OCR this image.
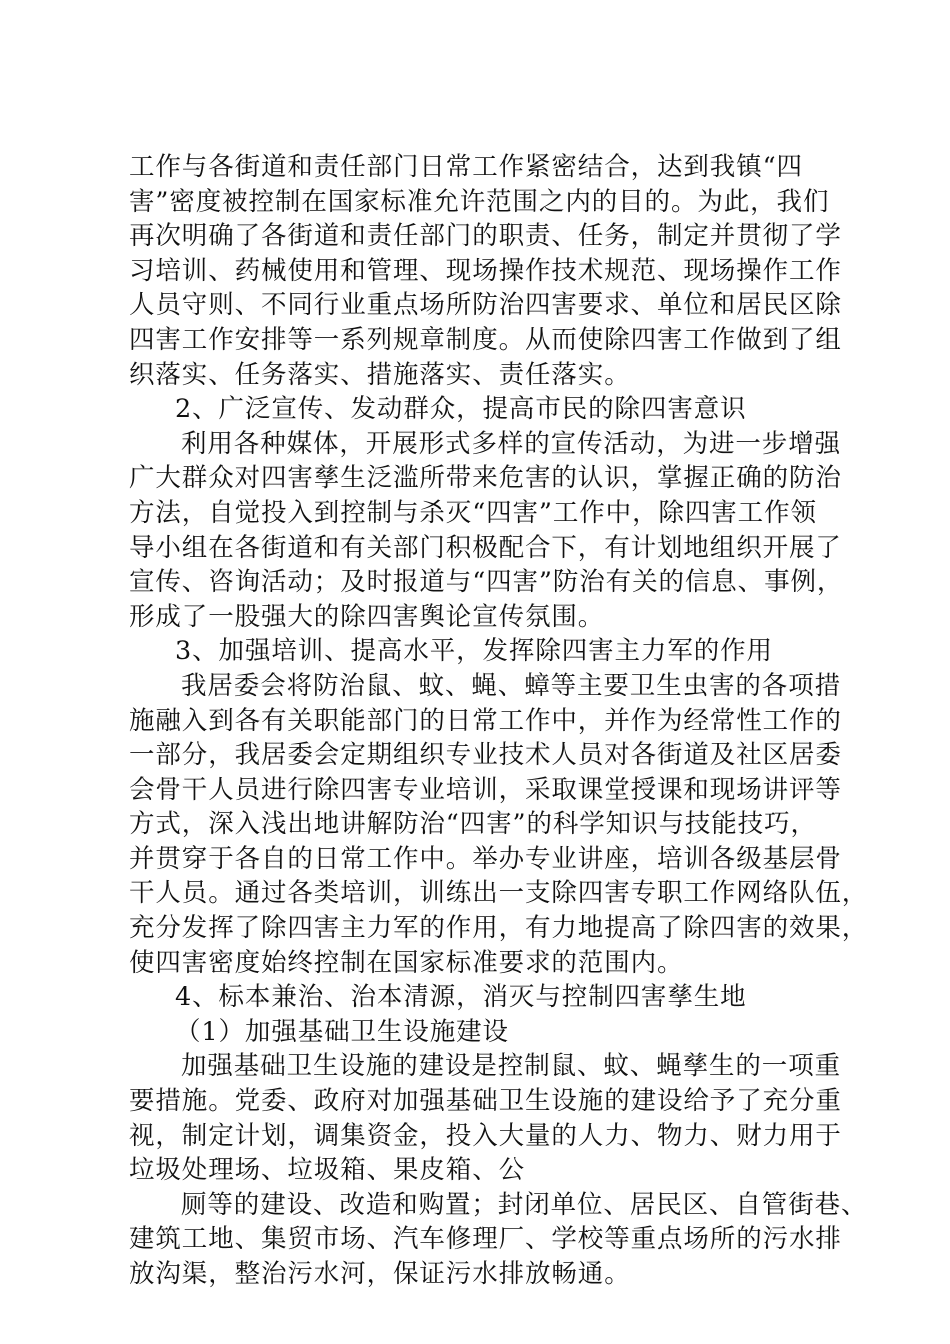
工作与各街道和责任部门日常工作紧密结合，达到我镇“四
害”密度被控制在国家标准允许范围之内的目的。为此，我们
再次明确了各街道和责任部门的职责、任务，制定并贯彻了学
习培训、药械使用和管理、现场操作技术规范、现场操作工作
人员守则、不同行业重点场所防治四害要求、单位和居民区除
四害工作安排等一系列规章制度。从而使除四害工作做到了组
织落实、任务落实、措施落实、责任落实。
2、广泛宣传、发动群众，提高市民的除四害意识
利用各种媒体，开展形式多样的宣传活动，为进一步增强
广大群众对四害孳生泛滥所带来危害的认识，掌握正确的防治
方法，自觉投入到控制与杀灭“四害”工作中，除四害工作领
导小组在各街道和有关部门积极配合下，有计划地组织开展了
宣传、咨询活动；及时报道与“四害”防治有关的信息、事例，
形成了一股强大的除四害舆论宣传氛围。
3、加强培训、提高水平，发挥除四害主力军的作用
我居委会将防治鼠、蚊、蝇、蟑等主要卫生虫害的各项措
施融入到各有关职能部门的日常工作中，并作为经常性工作的
一部分，我居委会定期组织专业技术人员对各街道及社区居委
会骨干人员进行除四害专业培训，采取课堂授课和现场讲评等
方式，深入浅出地讲解防治“四害”的科学知识与技能技巧，
并贯穿于各自的日常工作中。举办专业讲座，培训各级基层骨
干人员。通过各类培训，训练出一支除四害专职工作网络队伍，
充分发挥了除四害主力军的作用，有力地提高了除四害的效果，
使四害密度始终控制在国家标准要求的范围内。
4、标本兼治、治本清源，消灭与控制四害孳生地
（1）加强基础卫生设施建设
加强基础卫生设施的建设是控制鼠、蚊、蝇孳生的一项重
要措施。党委、政府对加强基础卫生设施的建设给予了充分重
视，制定计划，调集资金，投入大量的人力、物力、财力用于
垃圾处理场、垃圾箱、果皮箱、公
厕等的建设、改造和购置；封闭单位、居民区、自管街巷、
建筑工地、集贸市场、汽车修理厂、学校等重点场所的污水排
放沟渠，整治污水河，保证污水排放畅通。
